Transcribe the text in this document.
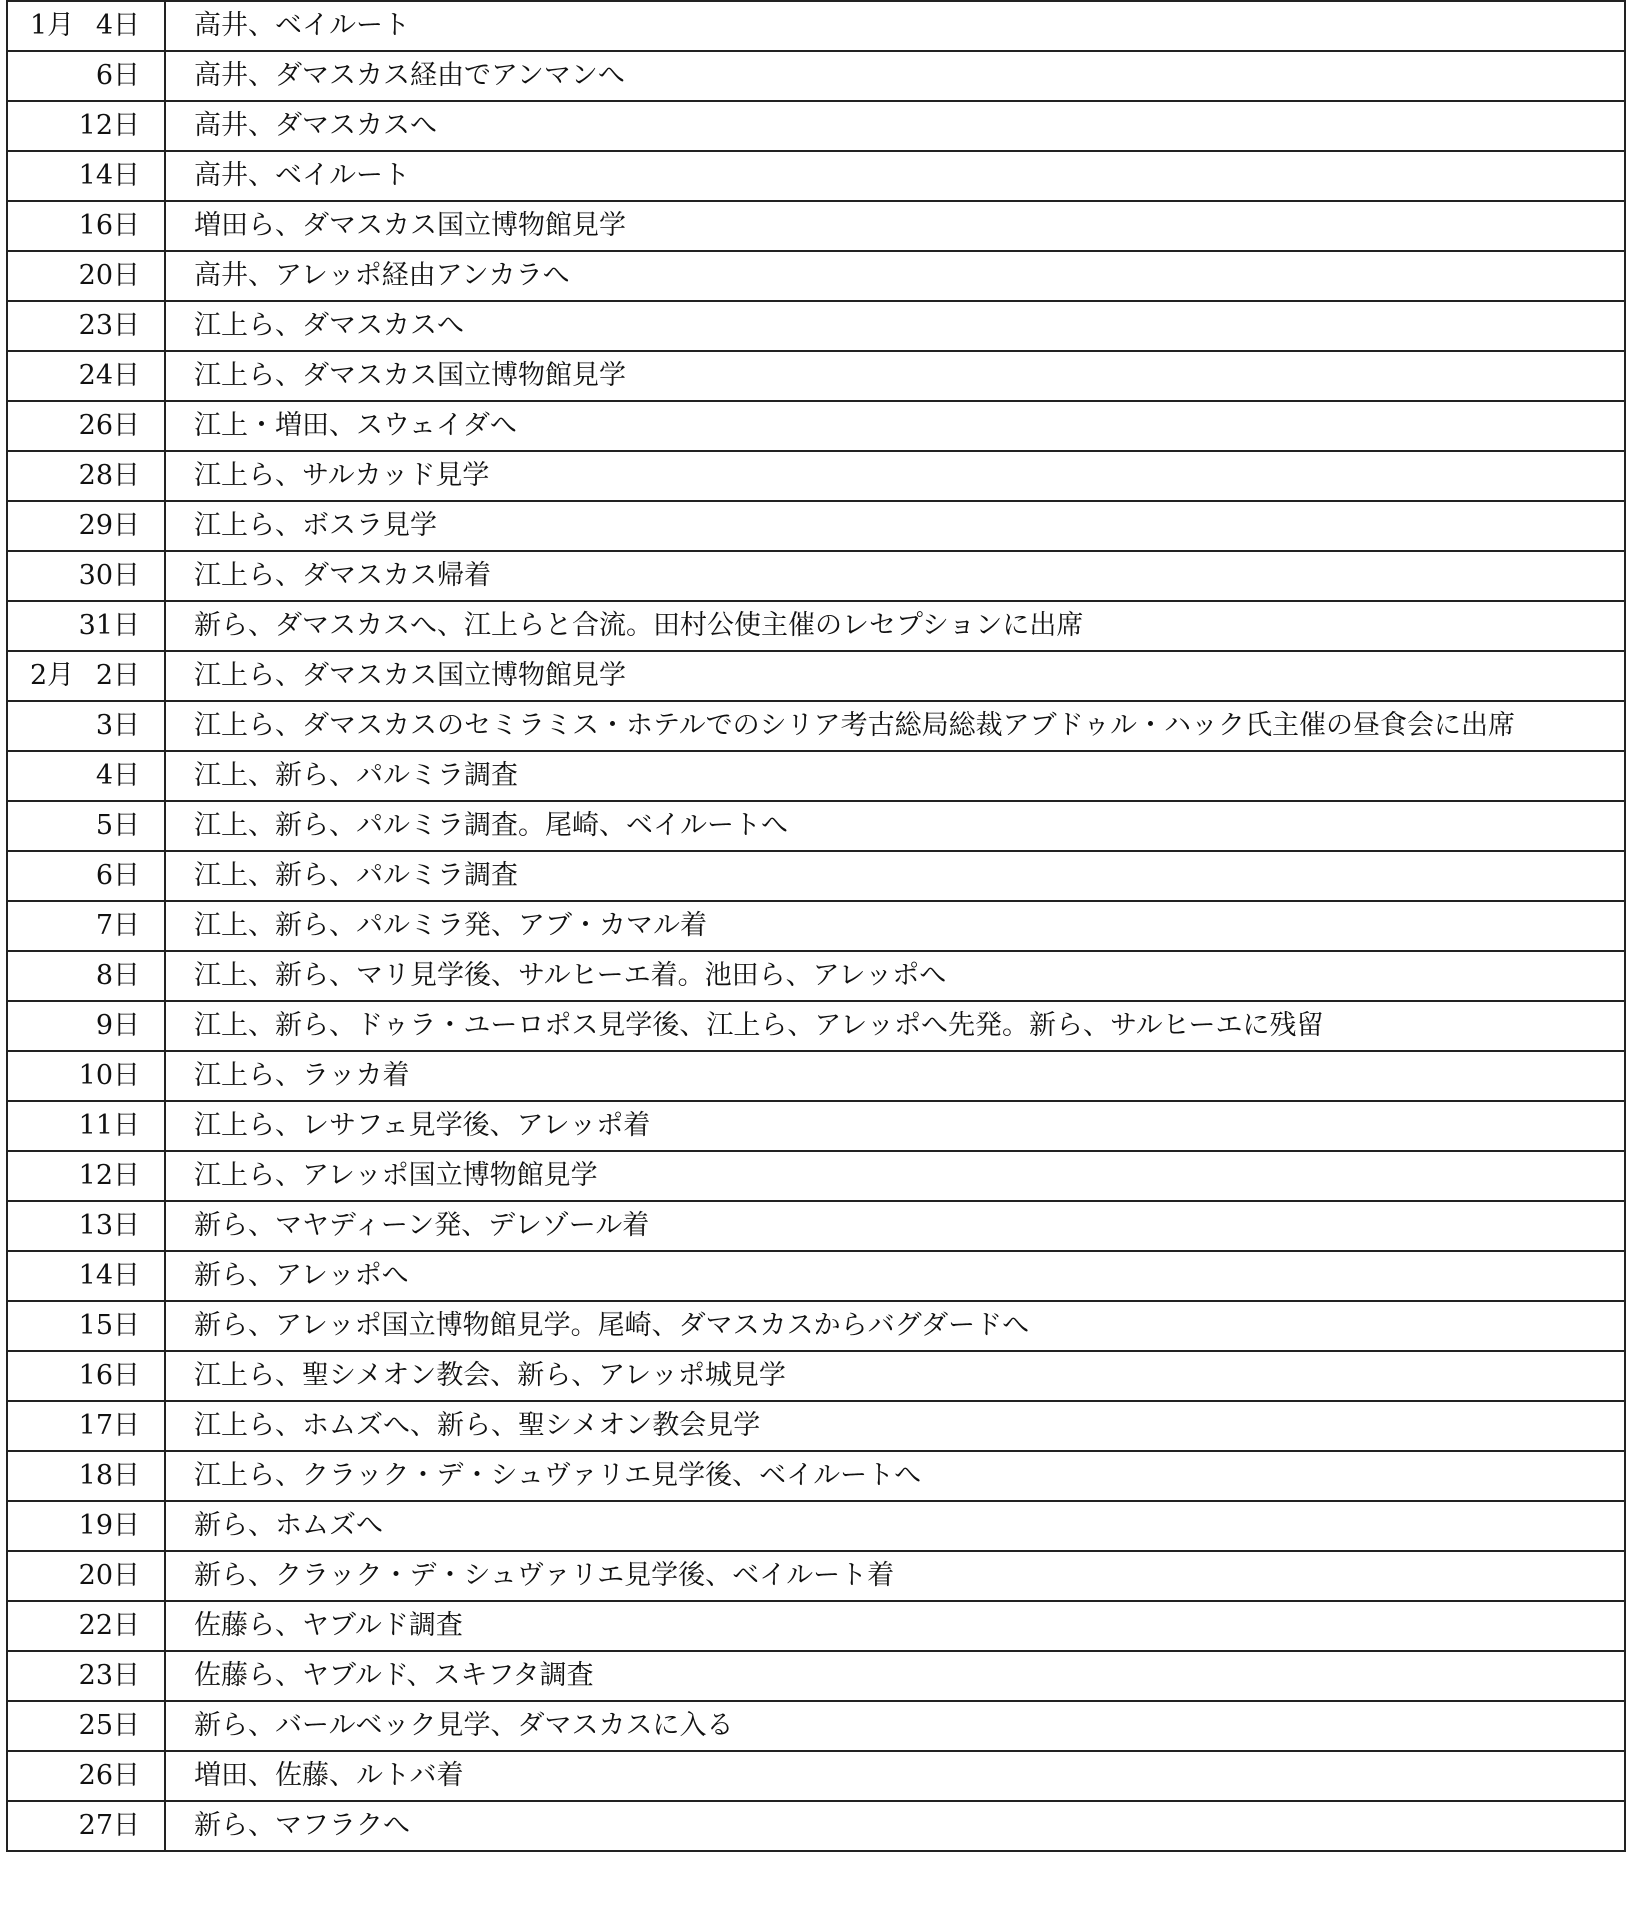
1月 4日	高井、ベイルート

6日	高井、ダマスカス経由でアンマンへ

12日	高井、ダマスカスへ

14日	高井、ベイルート

16日	増田ら、ダマスカス国立博物館見学

20日	高井、アレッポ経由アンカラへ

23日	江上ら、ダマスカスへ

24日	江上ら、ダマスカス国立博物館見学

26日	江上・増田、スウェイダへ

28日	江上ら、サルカッド見学

29日	江上ら、ボスラ見学

30日	江上ら、ダマスカス帰着

31日	新ら、ダマスカスへ、江上らと合流。田村公使主催のレセプションに出席

2月 2日	江上ら、ダマスカス国立博物館見学

3日	江上ら、ダマスカスのセミラミス・ホテルでのシリア考古総局総裁アブドゥル・ハック氏主催の昼食会に出席

4日	江上、新ら、パルミラ調査

5日	江上、新ら、パルミラ調査。尾崎、ベイルートへ

6日	江上、新ら、パルミラ調査

7日	江上、新ら、パルミラ発、アブ・カマル着

8日	江上、新ら、マリ見学後、サルヒーエ着。池田ら、アレッポへ

9日	江上、新ら、ドゥラ・ユーロポス見学後、江上ら、アレッポへ先発。新ら、サルヒーエに残留

10日	江上ら、ラッカ着

11日	江上ら、レサフェ見学後、アレッポ着

12日	江上ら、アレッポ国立博物館見学

13日	新ら、マヤディーン発、デレゾール着

14日	新ら、アレッポへ

15日	新ら、アレッポ国立博物館見学。尾崎、ダマスカスからバグダードへ

16日	江上ら、聖シメオン教会、新ら、アレッポ城見学

17日	江上ら、ホムズへ、新ら、聖シメオン教会見学

18日	江上ら、クラック・デ・シュヴァリエ見学後、ベイルートへ

19日	新ら、ホムズへ

20日	新ら、クラック・デ・シュヴァリエ見学後、ベイルート着

22日	佐藤ら、ヤブルド調査

23日	佐藤ら、ヤブルド、スキフタ調査

25日	新ら、バールベック見学、ダマスカスに入る

26日	増田、佐藤、ルトバ着

27日	新ら、マフラクへ
